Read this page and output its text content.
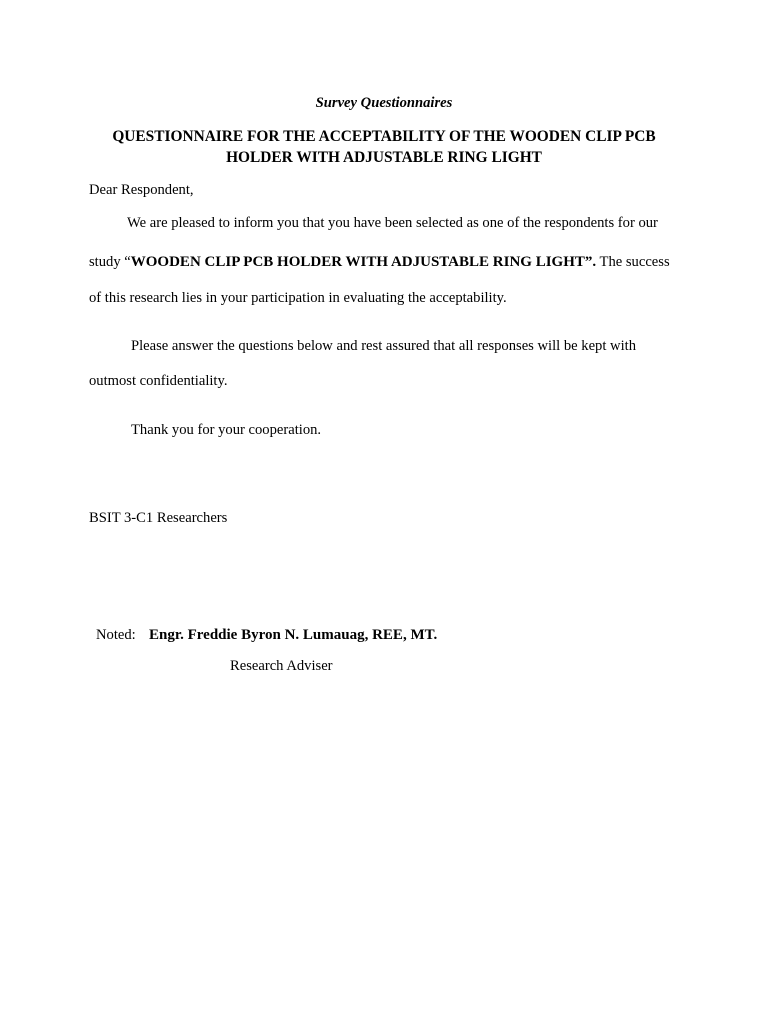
Survey Questionnaires
QUESTIONNAIRE FOR THE ACCEPTABILITY OF THE WOODEN CLIP PCB HOLDER WITH ADJUSTABLE RING LIGHT
Dear Respondent,
We are pleased to inform you that you have been selected as one of the respondents for our
study “WOODEN CLIP PCB HOLDER WITH ADJUSTABLE RING LIGHT”. The success
of this research lies in your participation in evaluating the acceptability.
Please answer the questions below and rest assured that all responses will be kept with
outmost confidentiality.
Thank you for your cooperation.
BSIT 3-C1 Researchers
Noted: Engr. Freddie Byron N. Lumauag, REE, MT.
Research Adviser
